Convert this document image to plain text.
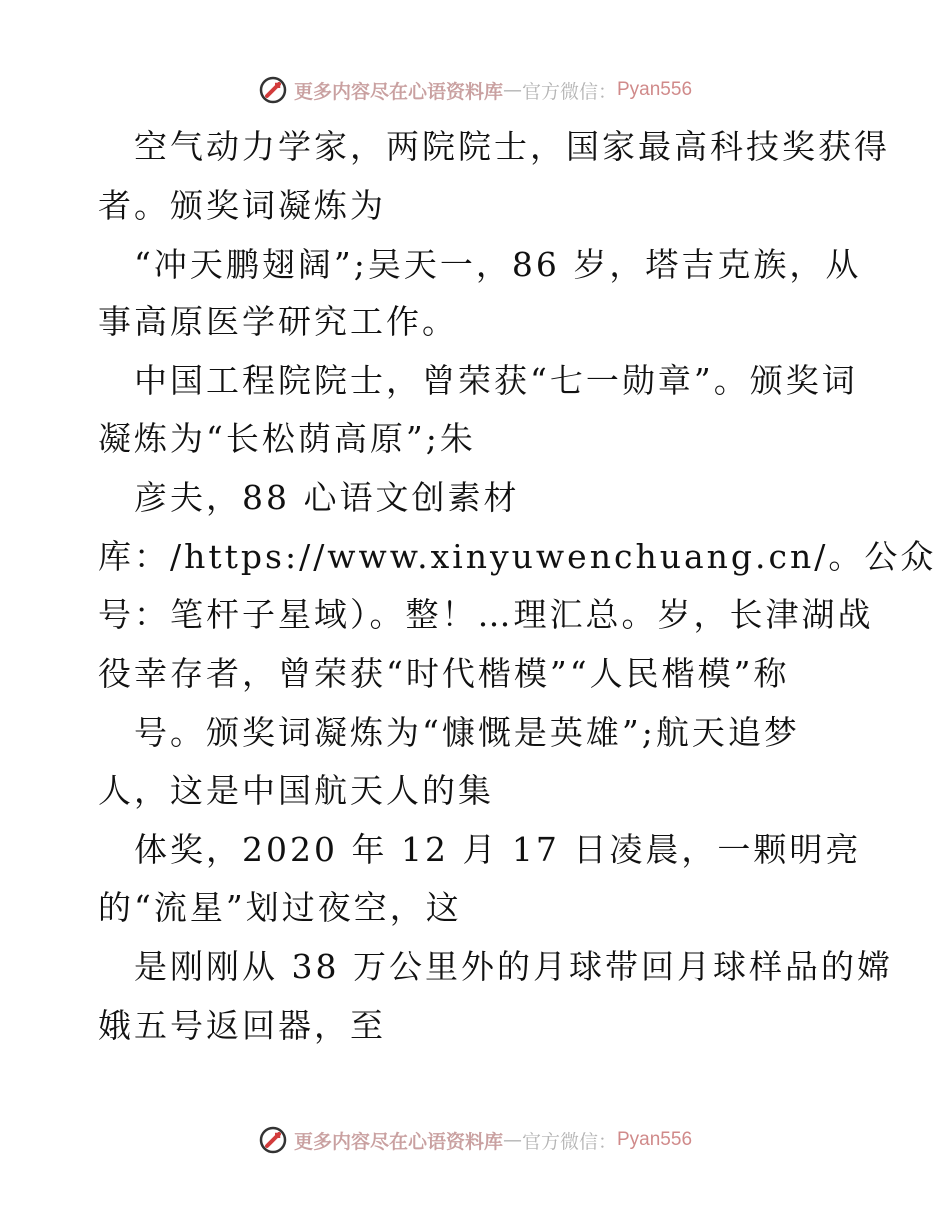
更多内容尽在心语资料库 — 官方微信： Pyan556
空气动力学家，两院院士，国家最高科技奖获得
者。颁奖词凝炼为
“冲天鹏翅阔”;吴天一，86 岁，塔吉克族，从
事高原医学研究工作。
中国工程院院士，曾荣获“七一勋章”。颁奖词
凝炼为“长松荫高原”;朱
彦夫，88 心语文创素材
库：/https://www.xinyuwenchuang.cn/。公众
号：笔杆子星域）。整！…理汇总。岁，长津湖战
役幸存者，曾荣获“时代楷模”“人民楷模”称
号。颁奖词凝炼为“慷慨是英雄”;航天追梦
人，这是中国航天人的集
体奖，2020 年 12 月 17 日凌晨，一颗明亮
的“流星”划过夜空，这
是刚刚从 38 万公里外的月球带回月球样品的嫦
娥五号返回器，至
更多内容尽在心语资料库 — 官方微信： Pyan556
